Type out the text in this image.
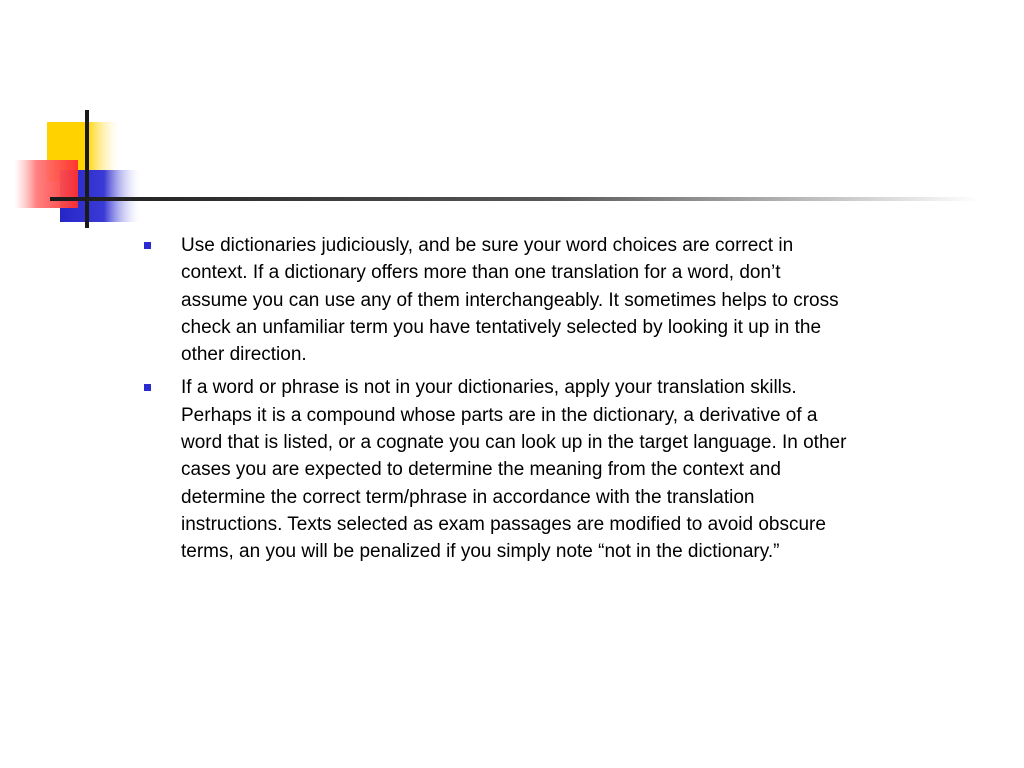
Use dictionaries judiciously, and be sure your word choices are correct in
context. If a dictionary offers more than one translation for a word, don’t
assume you can use any of them interchangeably. It sometimes helps to cross
check an unfamiliar term you have tentatively selected by looking it up in the
other direction.
If a word or phrase is not in your dictionaries, apply your translation skills.
Perhaps it is a compound whose parts are in the dictionary, a derivative of a
word that is listed, or a cognate you can look up in the target language. In other
cases you are expected to determine the meaning from the context and
determine the correct term/phrase in accordance with the translation
instructions. Texts selected as exam passages are modified to avoid obscure
terms, an you will be penalized if you simply note “not in the dictionary.”
